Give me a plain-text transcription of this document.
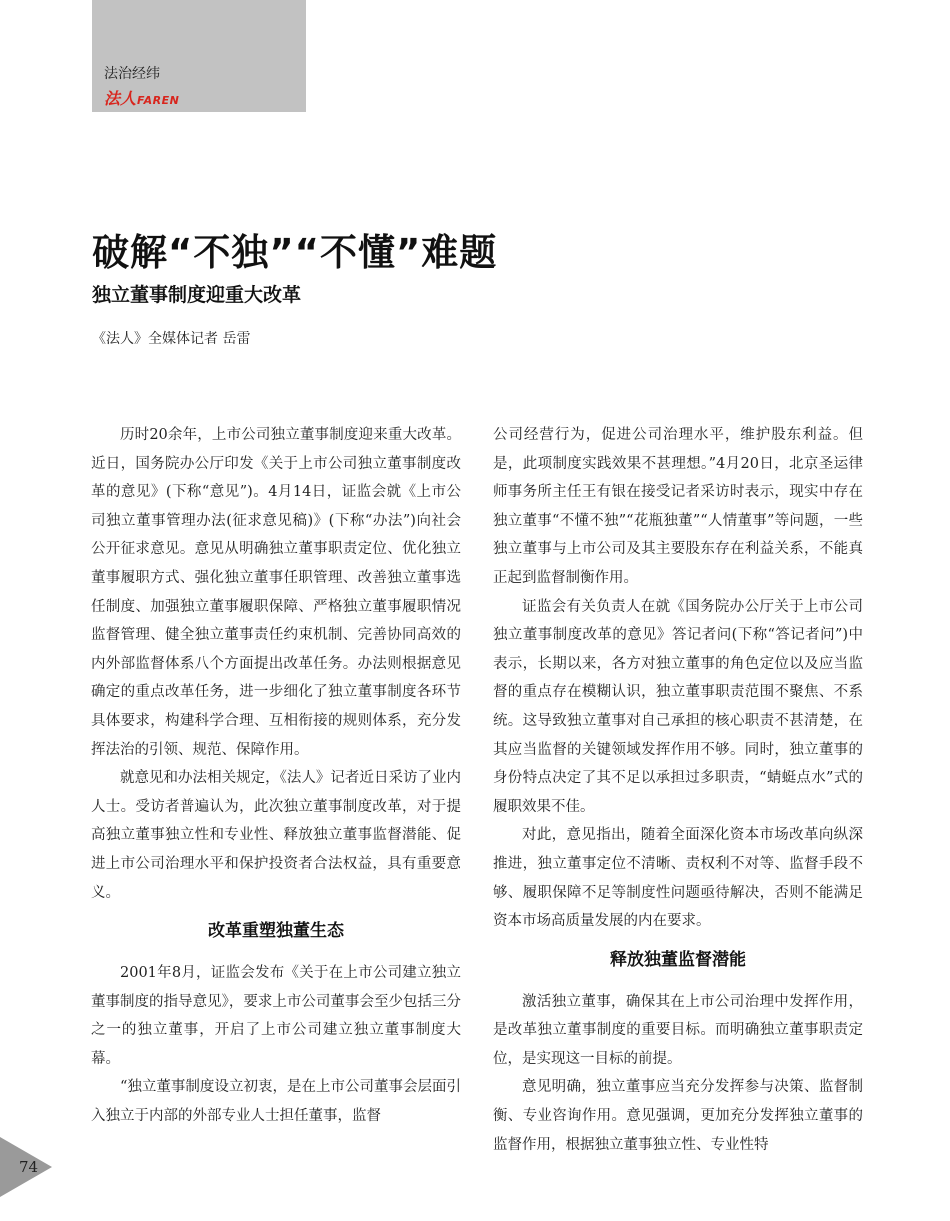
法治经纬
法人FAREN
破解“不独”“不懂”难题
独立董事制度迎重大改革
《法人》全媒体记者 岳雷

历时20余年，上市公司独立董事制度迎来重大改革。近日，国务院办公厅印发《关于上市公司独立董事制度改革的意见》(下称“意见”)。4月14日，证监会就《上市公司独立董事管理办法(征求意见稿)》(下称“办法”)向社会公开征求意见。意见从明确独立董事职责定位、优化独立董事履职方式、强化独立董事任职管理、改善独立董事选任制度、加强独立董事履职保障、严格独立董事履职情况监督管理、健全独立董事责任约束机制、完善协同高效的内外部监督体系八个方面提出改革任务。办法则根据意见确定的重点改革任务，进一步细化了独立董事制度各环节具体要求，构建科学合理、互相衔接的规则体系，充分发挥法治的引领、规范、保障作用。

就意见和办法相关规定，《法人》记者近日采访了业内人士。受访者普遍认为，此次独立董事制度改革，对于提高独立董事独立性和专业性、释放独立董事监督潜能、促进上市公司治理水平和保护投资者合法权益，具有重要意义。

改革重塑独董生态

2001年8月，证监会发布《关于在上市公司建立独立董事制度的指导意见》，要求上市公司董事会至少包括三分之一的独立董事，开启了上市公司建立独立董事制度大幕。

“独立董事制度设立初衷，是在上市公司董事会层面引入独立于内部的外部专业人士担任董事，监督

公司经营行为，促进公司治理水平，维护股东利益。但是，此项制度实践效果不甚理想。”4月20日，北京圣运律师事务所主任王有银在接受记者采访时表示，现实中存在独立董事“不懂不独”“花瓶独董”“人情董事”等问题，一些独立董事与上市公司及其主要股东存在利益关系，不能真正起到监督制衡作用。

证监会有关负责人在就《国务院办公厅关于上市公司独立董事制度改革的意见》答记者问(下称“答记者问”)中表示，长期以来，各方对独立董事的角色定位以及应当监督的重点存在模糊认识，独立董事职责范围不聚焦、不系统。这导致独立董事对自己承担的核心职责不甚清楚，在其应当监督的关键领域发挥作用不够。同时，独立董事的身份特点决定了其不足以承担过多职责，“蜻蜓点水”式的履职效果不佳。

对此，意见指出，随着全面深化资本市场改革向纵深推进，独立董事定位不清晰、责权利不对等、监督手段不够、履职保障不足等制度性问题亟待解决，否则不能满足资本市场高质量发展的内在要求。

释放独董监督潜能

激活独立董事，确保其在上市公司治理中发挥作用，是改革独立董事制度的重要目标。而明确独立董事职责定位，是实现这一目标的前提。

意见明确，独立董事应当充分发挥参与决策、监督制衡、专业咨询作用。意见强调，更加充分发挥独立董事的监督作用，根据独立董事独立性、专业性特

74
